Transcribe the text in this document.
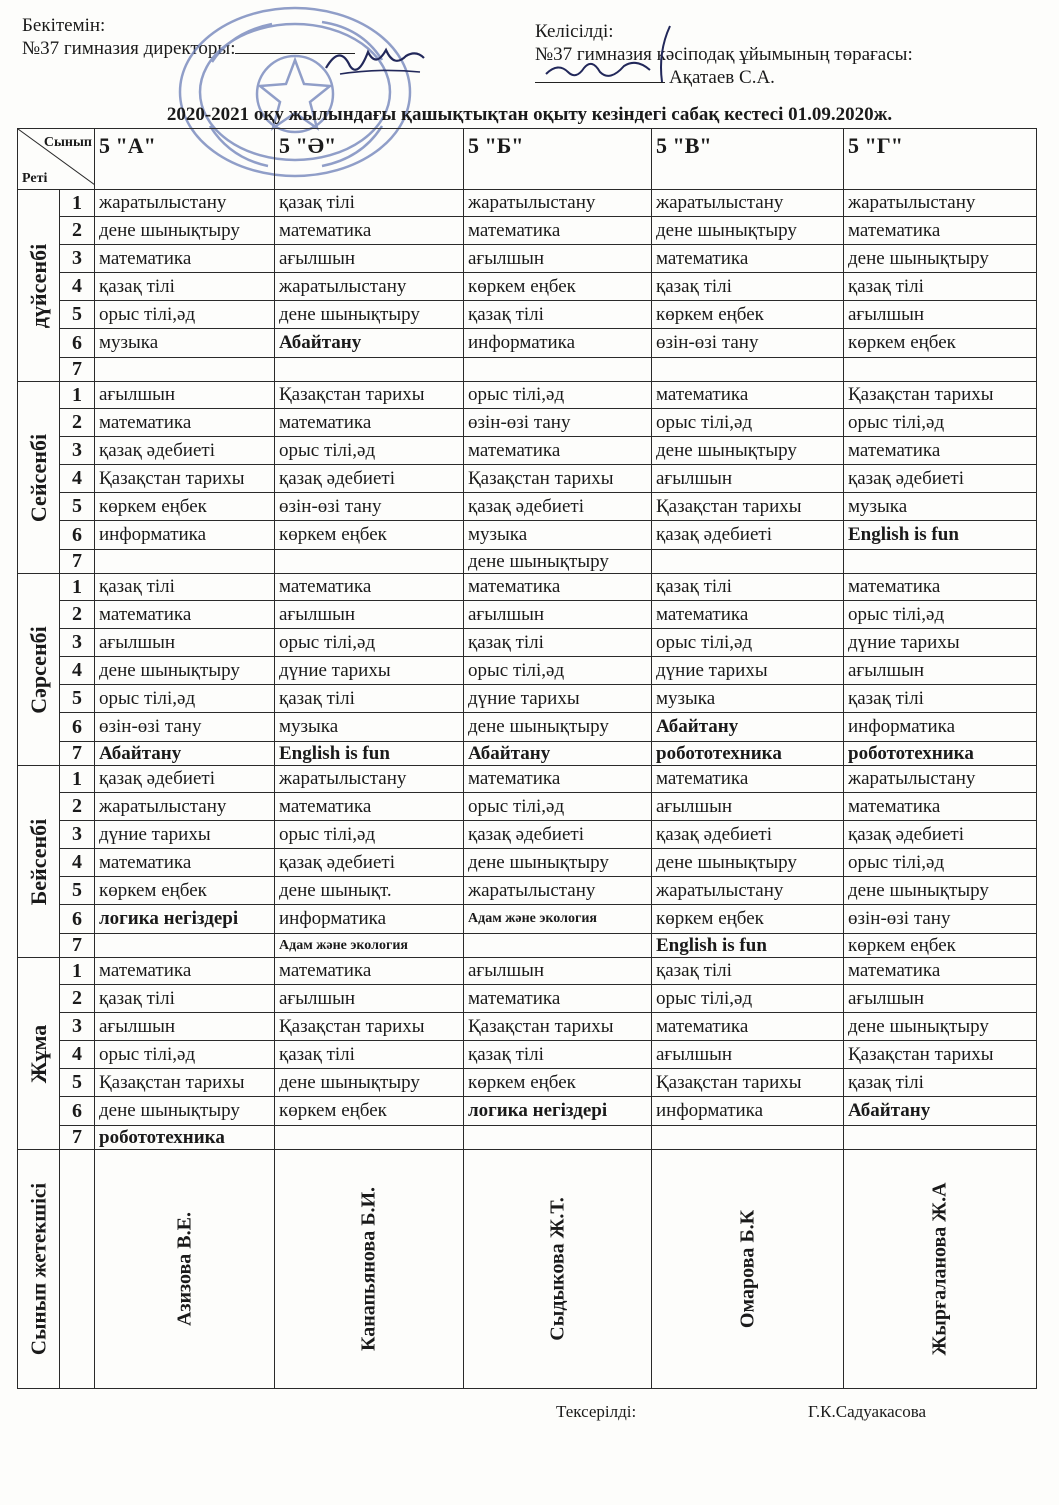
Бекітемін:
№37 гимназия директоры:
Келісілді:
№37 гимназия кәсіподақ ұйымының төрағасы:
Ақатаев С.А.
2020-2021 оқу жылындағы қашықтықтан оқыту кезіндегі сабақ кестесі 01.09.2020ж.
Сынып
Реті		5 "А"	5 "Ә"	5 "Б"	5 "В"	5 "Г"

дүйсенбі	1	жаратылыстану	қазақ тілі	жаратылыстану	жаратылыстану	жаратылыстану
	2	дене шынықтыру	математика	математика	дене шынықтыру	математика
	3	математика	ағылшын	ағылшын	математика	дене шынықтыру
	4	қазақ тілі	жаратылыстану	көркем еңбек	қазақ тілі	қазақ тілі
	5	орыс тілі,әд	дене шынықтыру	қазақ тілі	көркем еңбек	ағылшын
	6	музыка	Абайтану	информатика	өзін-өзі тану	көркем еңбек
	7					

Сейсенбі	1	ағылшын	Қазақстан тарихы	орыс тілі,әд	математика	Қазақстан тарихы
	2	математика	математика	өзін-өзі тану	орыс тілі,әд	орыс тілі,әд
	3	қазақ әдебиеті	орыс тілі,әд	математика	дене шынықтыру	математика
	4	Қазақстан тарихы	қазақ әдебиеті	Қазақстан тарихы	ағылшын	қазақ әдебиеті
	5	көркем еңбек	өзін-өзі тану	қазақ әдебиеті	Қазақстан тарихы	музыка
	6	информатика	көркем еңбек	музыка	қазақ әдебиеті	English is fun
	7			дене шынықтыру		

Сәрсенбі	1	қазақ тілі	математика	математика	қазақ тілі	математика
	2	математика	ағылшын	ағылшын	математика	орыс тілі,әд
	3	ағылшын	орыс тілі,әд	қазақ тілі	орыс тілі,әд	дүние тарихы
	4	дене шынықтыру	дүние тарихы	орыс тілі,әд	дүние тарихы	ағылшын
	5	орыс тілі,әд	қазақ тілі	дүние тарихы	музыка	қазақ тілі
	6	өзін-өзі тану	музыка	дене шынықтыру	Абайтану	информатика
	7	Абайтану	English is fun	Абайтану	робототехника	робототехника

Бейсенбі	1	қазақ әдебиеті	жаратылыстану	математика	математика	жаратылыстану
	2	жаратылыстану	математика	орыс тілі,әд	ағылшын	математика
	3	дүние тарихы	орыс тілі,әд	қазақ әдебиеті	қазақ әдебиеті	қазақ әдебиеті
	4	математика	қазақ әдебиеті	дене шынықтыру	дене шынықтыру	орыс тілі,әд
	5	көркем еңбек	дене шынықт.	жаратылыстану	жаратылыстану	дене шынықтыру
	6	логика негіздері	информатика	Адам және экология	көркем еңбек	өзін-өзі тану
	7		Адам және экология		English is fun	көркем еңбек

Жұма	1	математика	математика	ағылшын	қазақ тілі	математика
	2	қазақ тілі	ағылшын	математика	орыс тілі,әд	ағылшын
	3	ағылшын	Қазақстан тарихы	Қазақстан тарихы	математика	дене шынықтыру
	4	орыс тілі,әд	қазақ тілі	қазақ тілі	ағылшын	Қазақстан тарихы
	5	Қазақстан тарихы	дене шынықтыру	көркем еңбек	Қазақстан тарихы	қазақ тілі
	6	дене шынықтыру	көркем еңбек	логика негіздері	информатика	Абайтану
	7	робототехника				

Сынып жетекшісі		Азизова В.Е.	Канапьянова Б.И.	Сыдыкова Ж.Т.	Омарова Б.К	Жырғаланова Ж.А
Тексерілді:	Г.К.Садуакасова
